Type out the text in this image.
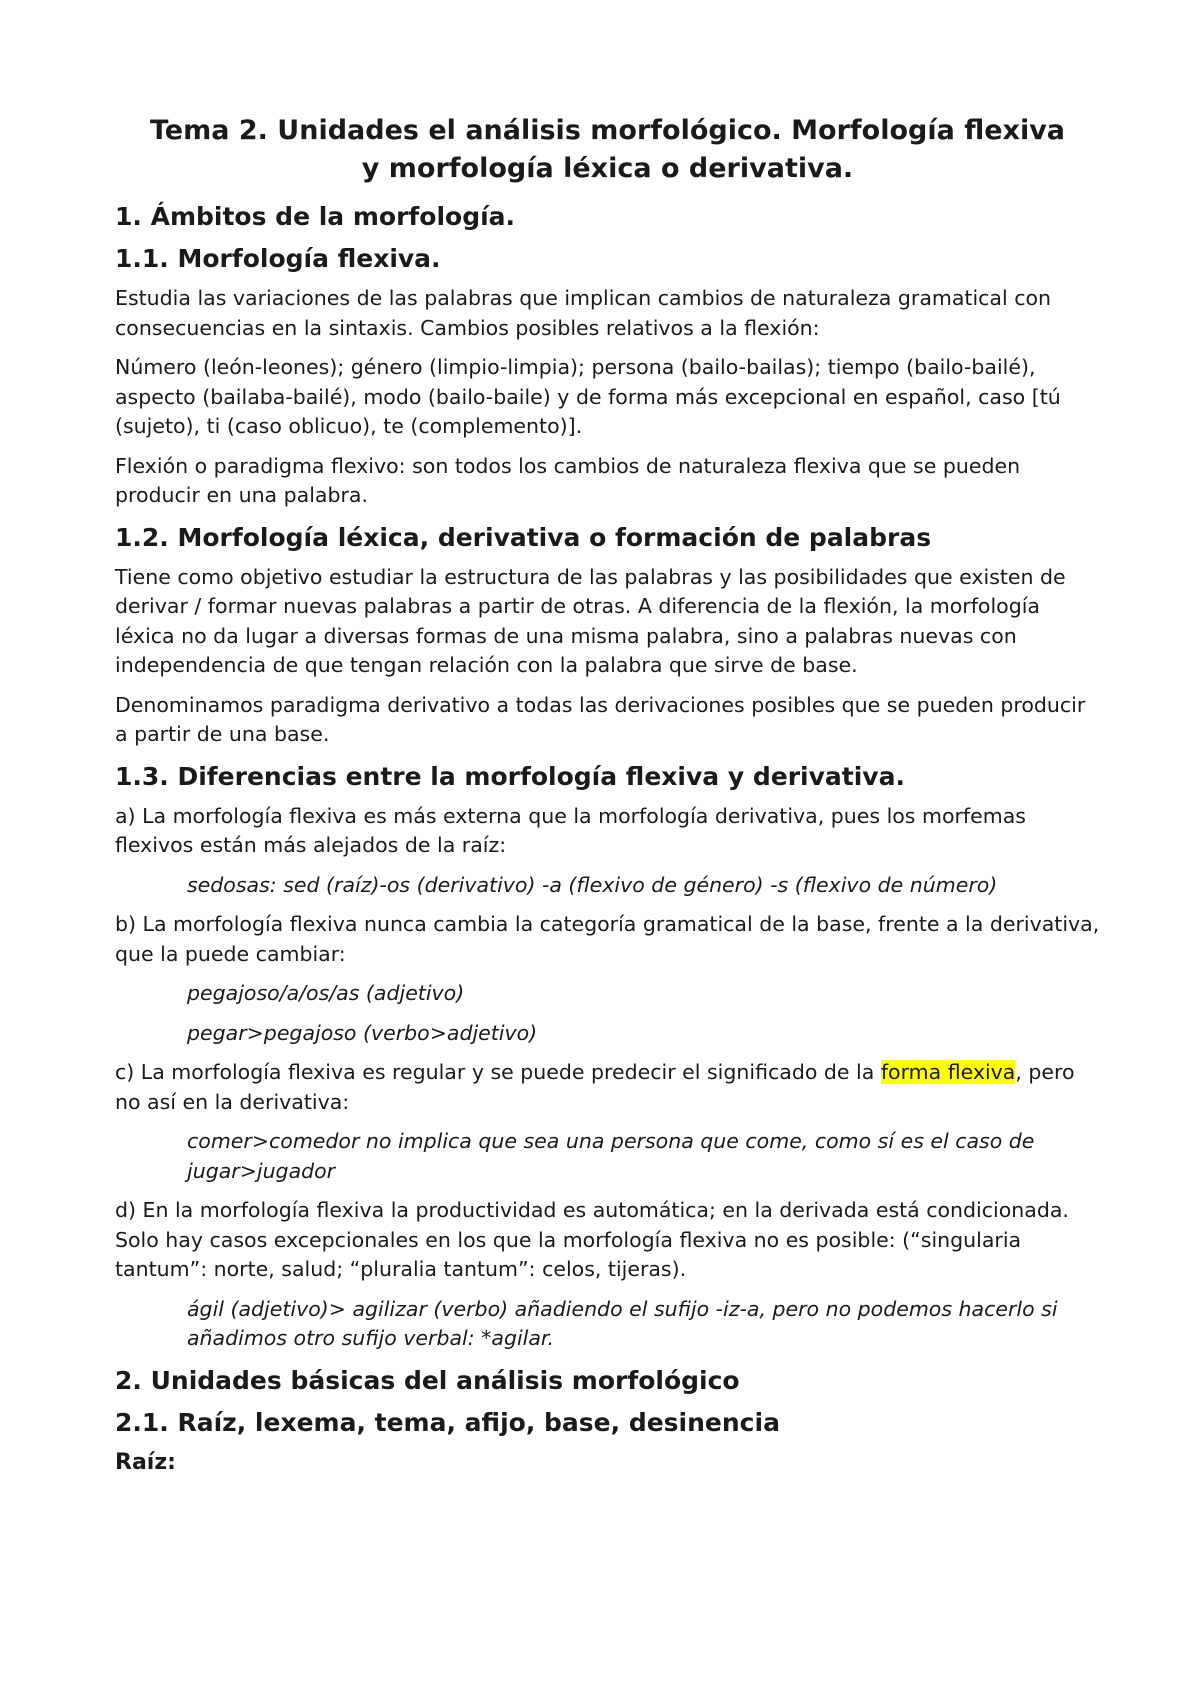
Tema 2. Unidades el análisis morfológico. Morfología flexiva
y morfología léxica o derivativa.
1. Ámbitos de la morfología.
1.1. Morfología flexiva.

Estudia las variaciones de las palabras que implican cambios de naturaleza gramatical con consecuencias en la sintaxis. Cambios posibles relativos a la flexión:

Número (león-leones); género (limpio-limpia); persona (bailo-bailas); tiempo (bailo-bailé), aspecto (bailaba-bailé), modo (bailo-baile) y de forma más excepcional en español, caso [tú (sujeto), ti (caso oblicuo), te (complemento)].

Flexión o paradigma flexivo: son todos los cambios de naturaleza flexiva que se pueden producir en una palabra.

1.2. Morfología léxica, derivativa o formación de palabras

Tiene como objetivo estudiar la estructura de las palabras y las posibilidades que existen de derivar / formar nuevas palabras a partir de otras. A diferencia de la flexión, la morfología léxica no da lugar a diversas formas de una misma palabra, sino a palabras nuevas con independencia de que tengan relación con la palabra que sirve de base.

Denominamos paradigma derivativo a todas las derivaciones posibles que se pueden producir a partir de una base.

1.3. Diferencias entre la morfología flexiva y derivativa.

a) La morfología flexiva es más externa que la morfología derivativa, pues los morfemas flexivos están más alejados de la raíz:

sedosas: sed (raíz)-os (derivativo) -a (flexivo de género) -s (flexivo de número)

b) La morfología flexiva nunca cambia la categoría gramatical de la base, frente a la derivativa, que la puede cambiar:

pegajoso/a/os/as (adjetivo)

pegar>pegajoso (verbo>adjetivo)

c) La morfología flexiva es regular y se puede predecir el significado de la forma flexiva, pero no así en la derivativa:

comer>comedor no implica que sea una persona que come, como sí es el caso de jugar>jugador

d) En la morfología flexiva la productividad es automática; en la derivada está condicionada. Solo hay casos excepcionales en los que la morfología flexiva no es posible: (“singularia tantum”: norte, salud; “pluralia tantum”: celos, tijeras).

ágil (adjetivo)> agilizar (verbo) añadiendo el sufijo -iz-a, pero no podemos hacerlo si añadimos otro sufijo verbal: *agilar.

2. Unidades básicas del análisis morfológico
2.1. Raíz, lexema, tema, afijo, base, desinencia
Raíz:
